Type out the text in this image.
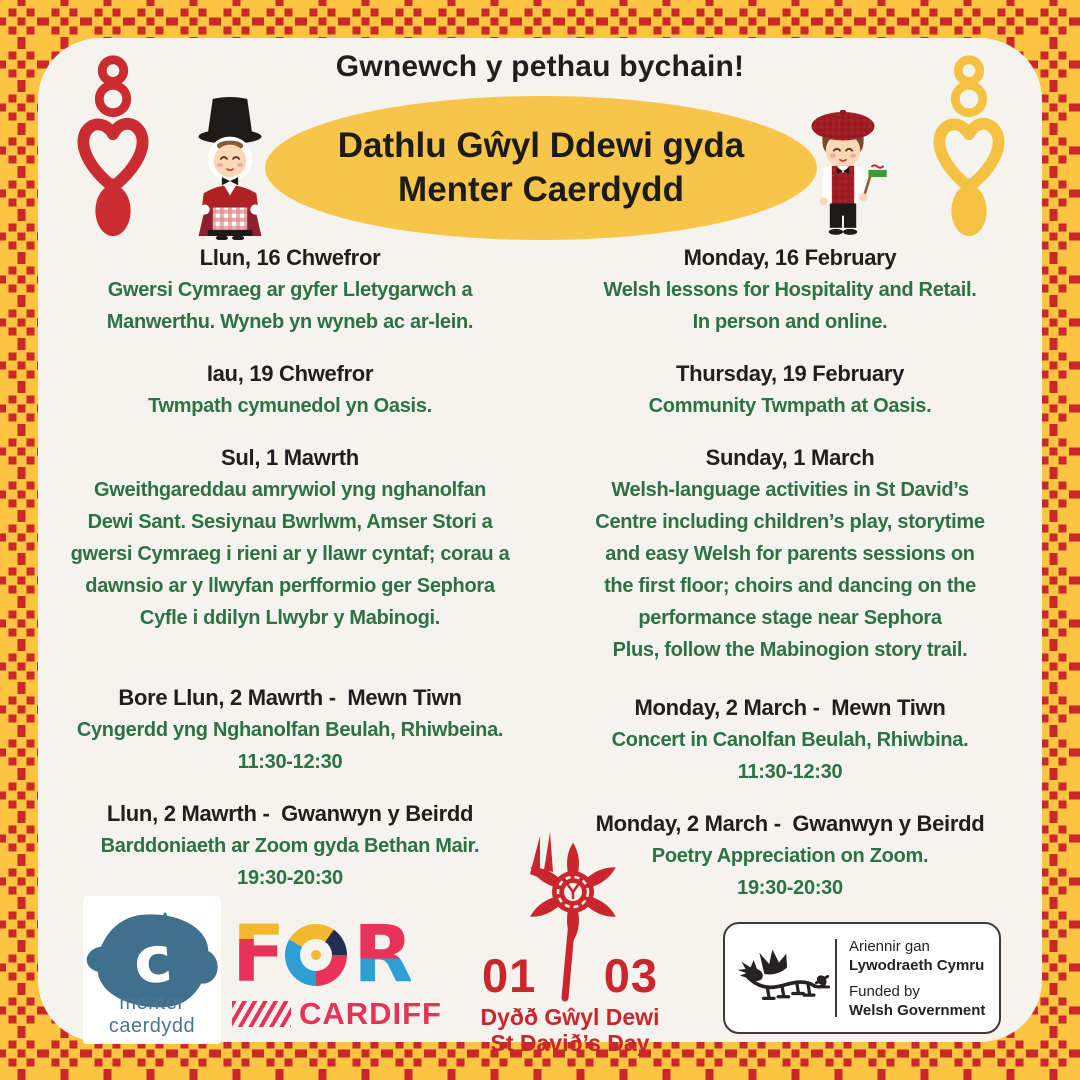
Gwnewch y pethau bychain!
Dathlu Gŵyl Ddewi gyda
Menter Caerdydd
Llun, 16 Chwefror
Gwersi Cymraeg ar gyfer Lletygarwch a
Manwerthu. Wyneb yn wyneb ac ar-lein.
Iau, 19 Chwefror
Twmpath cymunedol yn Oasis.
Sul, 1 Mawrth
Gweithgareddau amrywiol yng nghanolfan
Dewi Sant. Sesiynau Bwrlwm, Amser Stori a
gwersi Cymraeg i rieni ar y llawr cyntaf; corau a
dawnsio ar y llwyfan perfformio ger Sephora
Cyfle i ddilyn Llwybr y Mabinogi.
Bore Llun, 2 Mawrth -  Mewn Tiwn
Cyngerdd yng Nghanolfan Beulah, Rhiwbeina.
11:30-12:30
Llun, 2 Mawrth -  Gwanwyn y Beirdd
Barddoniaeth ar Zoom gyda Bethan Mair.
19:30-20:30
Monday, 16 February
Welsh lessons for Hospitality and Retail.
In person and online.
Thursday, 19 February
Community Twmpath at Oasis.
Sunday, 1 March
Welsh-language activities in St David’s
Centre including children’s play, storytime
and easy Welsh for parents sessions on
the first floor; choirs and dancing on the
performance stage near Sephora
Plus, follow the Mabinogion story trail.
Monday, 2 March -  Mewn Tiwn
Concert in Canolfan Beulah, Rhiwbina.
11:30-12:30
Monday, 2 March -  Gwanwyn y Beirdd
Poetry Appreciation on Zoom.
19:30-20:30
c
menter caerdydd
F R
CARDIFF
01 03
Dyðð Gŵyl Dewi
St Davið’s Day
Ariennir gan
Lywodraeth Cymru
Funded by
Welsh Government
